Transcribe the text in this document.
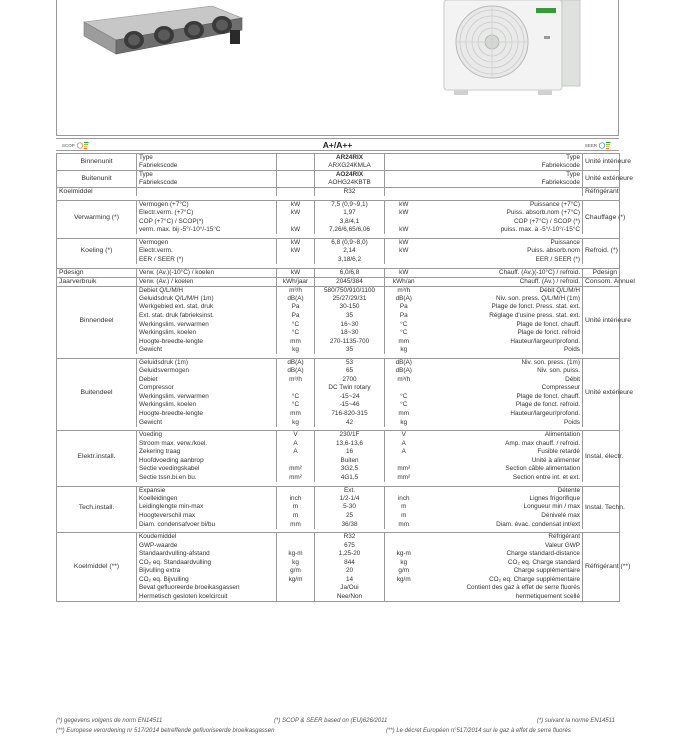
SCOP	A+/A++	SEER
Binnenunit	Type		AR24RIX		Type	Unité intérieure
	Fabriekscode		ARXG24KMLA		Fabriekscode	
Buitenunit	Type		AO24RIX		Type	Unité extérieure
	Fabriekscode		AOHG24KBTB		Fabriekscode	
Koelmiddel			R32			Réfrigérant

Verwarming (*)	Vermogen (+7°C)	kW	7,5 (0,9~9,1)	kW	Puissance (+7°C)	Chauffage (*)
	Electr.verm. (+7°C)	kW	1,97	kW	Puiss. absorb.nom (+7°C)	
	COP (+7°C) / SCOP(*)		3,8/4,1		COP (+7°C) / SCOP (*)	
	verm. max. bij -5°/-10°/-15°C	kW	7,26/6,65/6,06	kW	puiss. max. à -5°/-10°/-15°C	

Koeling (*)	Vermogen	kW	6,8 (0,9~8,0)	kW	Puissance	Refroid. (*)
	Electr.verm.	kW	2,14	kW	Puiss. absorb.nom	
	EER / SEER (*)		3,18/6,2		EER / SEER (*)	

Pdesign	Verw. (Av.)(-10°C) / koelen	kW	6,0/6,8	kW	Chauff. (Av.)(-10°C) / refroid.	Pdesign
Jaarverbruik	Verw. (Av.) / koelen	kWh/jaar	2045/384	kWh/an	Chauff. (Av.) / refroid.	Consom. Annuel
Binnendeel	Debiet Q/L/M/H	m³/h	580/750/910/1100	m³/h	Débit Q/L/M/H	Unité intérieure
	Geluidsdruk Q/L/M/H (1m)	dB(A)	25/27/29/31	dB(A)	Niv. son. press. Q/L/M/H (1m)	
	Werkgebied ext. stat. druk	Pa	30-150	Pa	Plage de fonct. Press. stat. ext.	
	Ext. stat. druk fabrieksinst.	Pa	35	Pa	Réglage d'usine press. stat. ext.	
	Werkingslim. verwarmen	°C	16~30	°C	Plage de fonct. chauff.	
	Werkingslim. koelen	°C	18~30	°C	Plage de fonct. refroid	
	Hoogte-breedte-lengte	mm	270-1135-700	mm	Hauteur/largeur/profond.	
	Gewicht	kg	35	kg	Poids	

Buitendeel	Geluidsdruk (1m)	dB(A)	53	dB(A)	Niv. son. press. (1m)	Unité extérieure
	Geluidsvermogen	dB(A)	65	dB(A)	Niv. son. puiss.	
	Debiet	m³/h	2700	m³/h	Débit	
	Compressor		DC Twin rotary		Compresseur	
	Werkingslim. verwarmen	°C	-15~24	°C	Plage de fonct. chauff.	
	Werkingslim. koelen	°C	-15~46	°C	Plage de fonct. refroid.	
	Hoogte-breedte-lengte	mm	716-820-315	mm	Hauteur/largeur/profond.	
	Gewicht	kg	42	kg	Poids	

Elektr.install.	Voeding	V	230/1F	V	Alimentation	Instal. électr.
	Stroom max. verw./koel.	A	13,6-13,6	A	Amp. max chauff. / refroid.	
	Zekering traag	A	16	A	Fusible retardé	
	Hoofdvoeding aanbrop		Buiten		Unité à alimenter	
	Sectie voedingskabel	mm²	3G2,5	mm²	Section câble alimentation	
	Sectie tssn.bi.en bu.	mm²	4G1,5	mm²	Section entre int. et ext.	

Tech.install.	Expansie		Ext.		Détente	Instal. Techn.
	Koelleidingen	inch	1/2-1/4	inch	Lignes frigorifique	
	Leidinglengte min-max	m	5-30	m	Longueur min / max	
	Hoogteverschil max	m	25	m	Dénivelé max	
	Diam. condensafvoer bi/bu	mm	36/38	mm	Diam. évac. condensat int/ext	

Koelmiddel (**)	Koudemiddel		R32		Réfrigérant	Réfrigérant (**)
	GWP-waarde		675		Valeur GWP	
	Standaardvulling-afstand	kg-m	1,25-20	kg-m	Charge standard-distance	
	CO₂ eq. Standaardvulling	kg	844	kg	CO₂ eq. Charge standard	
	Bijvulling extra	g/m	20	g/m	Charge supplémentaire	
	CO₂ eq. Bijvulling	kg/m	14	kg/m	CO₂ eq. Charge supplémentaire	
	Bevat gefluoreerde broeikasgassen		Ja/Oui		Contient des gaz à effet de serre fluorés	
	Hermetisch gesloten koelcircuit		Nee/Non		hermetiquement scellé	
(*) gegevens volgens de norm EN14511	(*) SCOP & SEER based on (EU)626/2011	(*) suivant la norme EN14511
(**) Europese verordening nr 517/2014 betreffende gefluoriseerde broeikasgassen	(**) Le décret Européen n°517/2014 sur le gaz à effet de serre fluorés
